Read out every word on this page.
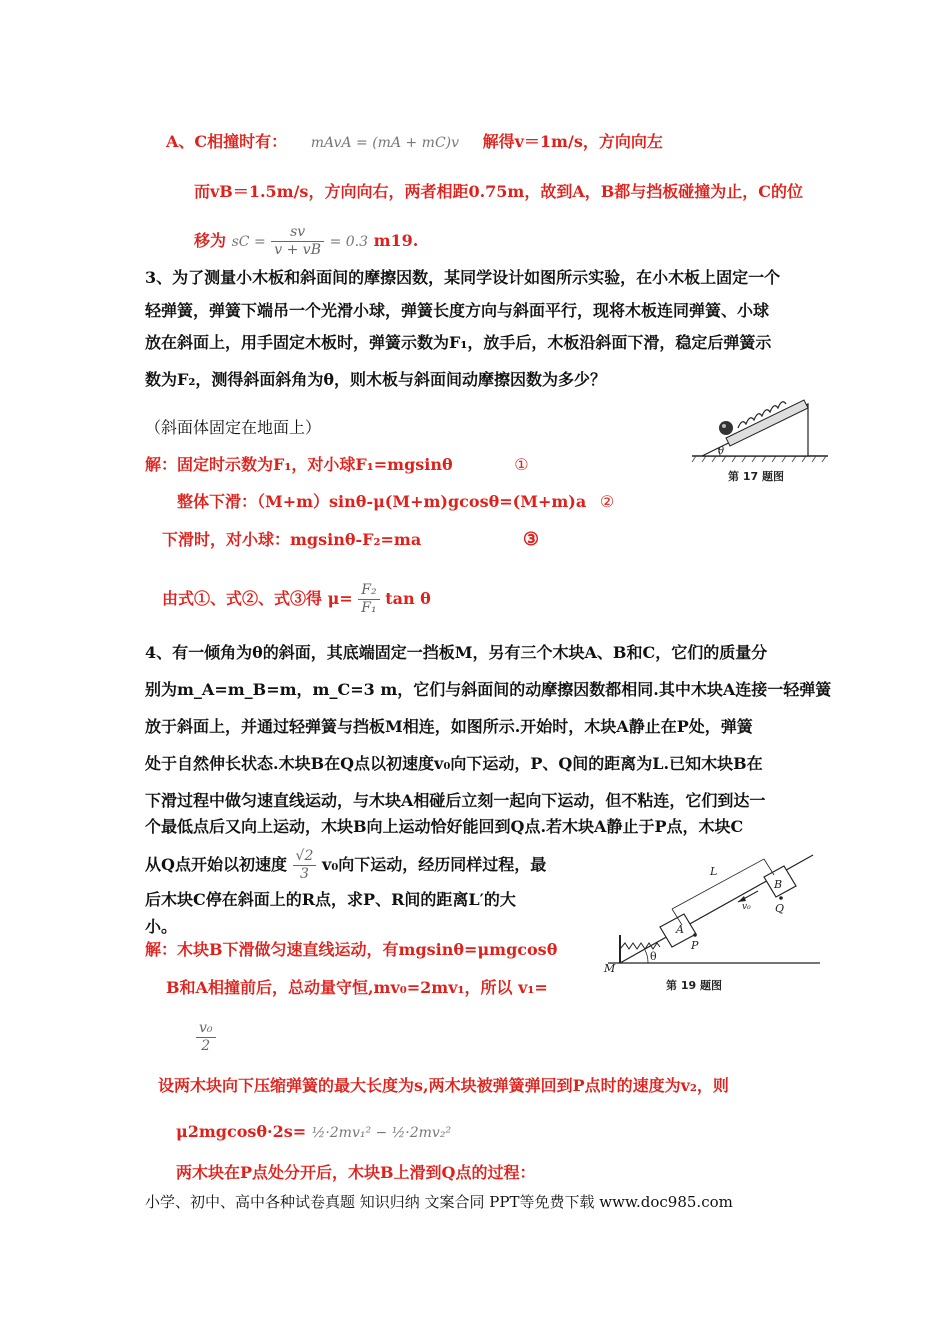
A、C相撞时有： mAvA = (mA + mC)v 解得v＝1m/s，方向向左
而vB＝1.5m/s，方向向右，两者相距0.75m，故到A，B都与挡板碰撞为止，C的位
移为 sC = $\frac{sv}{v + vB} = 0.3$ m19.
3、为了测量小木板和斜面间的摩擦因数，某同学设计如图所示实验，在小木板上固定一个
轻弹簧，弹簧下端吊一个光滑小球，弹簧长度方向与斜面平行，现将木板连同弹簧、小球
放在斜面上，用手固定木板时，弹簧示数为F₁，放手后，木板沿斜面下滑，稳定后弹簧示
数为F₂，测得斜面斜角为θ，则木板与斜面间动摩擦因数为多少？
（斜面体固定在地面上）
θ
第 17 题图
解：固定时示数为F₁，对小球F₁=mgsinθ	①
整体下滑：（M+m）sinθ-μ(M+m)gcosθ=(M+m)a ②
下滑时，对小球：mgsinθ-F₂=ma	③
由式①、式②、式③得 $\mu= \frac{\text{F₂}}{\text{F₁}}$ tan θ
4、有一倾角为θ的斜面，其底端固定一挡板M，另有三个木块A、B和C，它们的质量分
别为m_A=m_B=m，m_C=3 m，它们与斜面间的动摩擦因数都相同.其中木块A连接一轻弹簧
放于斜面上，并通过轻弹簧与挡板M相连，如图所示.开始时，木块A静止在P处，弹簧
处于自然伸长状态.木块B在Q点以初速度v₀向下运动，P、Q间的距离为L.已知木块B在
下滑过程中做匀速直线运动，与木块A相碰后立刻一起向下运动，但不粘连，它们到达一
个最低点后又向上运动，木块B向上运动恰好能回到Q点.若木块A静止于P点，木块C
从Q点开始以初速度 $\frac{√2}{3} v_0$向下运动，经历同样过程，最
后木块C停在斜面上的R点，求P、R间的距离L′的大
小。
θ
M
A
P
B
Q
L
v₀
第 19 题图
解：木块B下滑做匀速直线运动，有mgsinθ=μmgcosθ
B和A相撞前后，总动量守恒,mv₀=2mv₁，所以 v₁=
$\frac{\text{v₀}}{2}$
设两木块向下压缩弹簧的最大长度为s,两木块被弹簧弹回到P点时的速度为v₂，则
μ2mgcosθ·2s= ½·2mv₁² − ½·2mv₂²
两木块在P点处分开后，木块B上滑到Q点的过程：
小学、初中、高中各种试卷真题 知识归纳 文案合同 PPT等免费下载 www.doc985.com
